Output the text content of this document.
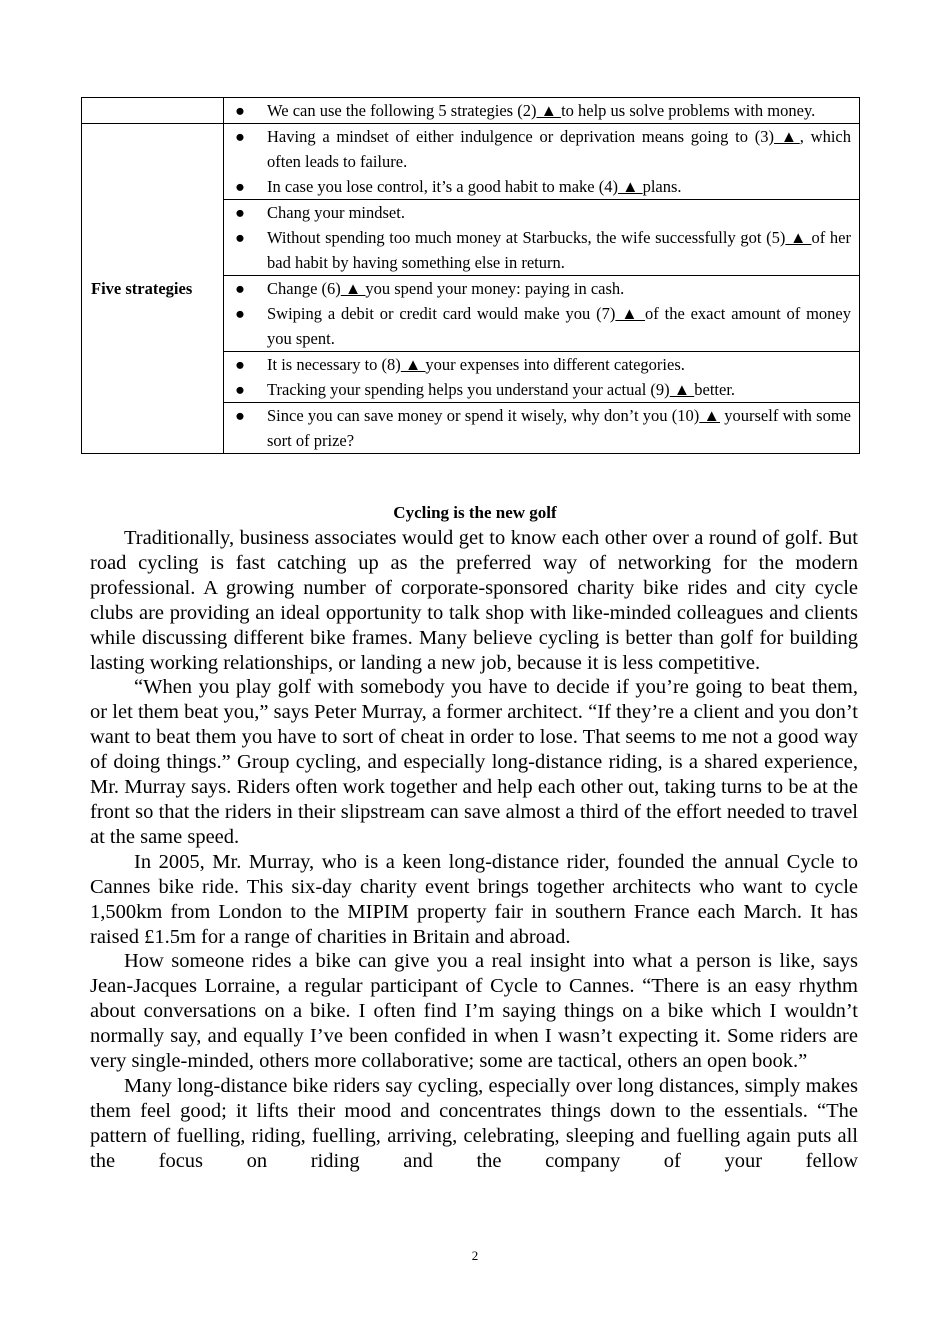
	● We can use the following 5 strategies (2) ▲ to help us solve problems with money.

Five strategies	● Having a mindset of either indulgence or deprivation means going to (3) ▲, which often leads to failure.
● In case you lose control, it’s a good habit to make (4) ▲ plans.

	● Chang your mindset.
● Without spending too much money at Starbucks, the wife successfully got (5) ▲ of her bad habit by having something else in return.

	● Change (6) ▲ you spend your money: paying in cash.
● Swiping a debit or credit card would make you (7) ▲ of the exact amount of money you spent.

	● It is necessary to (8) ▲ your expenses into different categories.
● Tracking your spending helps you understand your actual (9) ▲ better.

	● Since you can save money or spend it wisely, why don’t you (10) ▲ yourself with some sort of prize?
Cycling is the new golf

Traditionally, business associates would get to know each other over a round of golf. But road cycling is fast catching up as the preferred way of networking for the modern professional. A growing number of corporate-sponsored charity bike rides and city cycle clubs are providing an ideal opportunity to talk shop with like-minded colleagues and clients while discussing different bike frames. Many believe cycling is better than golf for building lasting working relationships, or landing a new job, because it is less competitive.

“When you play golf with somebody you have to decide if you’re going to beat them, or let them beat you,” says Peter Murray, a former architect. “If they’re a client and you don’t want to beat them you have to sort of cheat in order to lose. That seems to me not a good way of doing things.” Group cycling, and especially long-distance riding, is a shared experience, Mr. Murray says. Riders often work together and help each other out, taking turns to be at the front so that the riders in their slipstream can save almost a third of the effort needed to travel at the same speed.

In 2005, Mr. Murray, who is a keen long-distance rider, founded the annual Cycle to Cannes bike ride. This six-day charity event brings together architects who want to cycle 1,500km from London to the MIPIM property fair in southern France each March. It has raised £1.5m for a range of charities in Britain and abroad.

How someone rides a bike can give you a real insight into what a person is like, says Jean-Jacques Lorraine, a regular participant of Cycle to Cannes. “There is an easy rhythm about conversations on a bike. I often find I’m saying things on a bike which I wouldn’t normally say, and equally I’ve been confided in when I wasn’t expecting it. Some riders are very single-minded, others more collaborative; some are tactical, others an open book.”

Many long-distance bike riders say cycling, especially over long distances, simply makes them feel good; it lifts their mood and concentrates things down to the essentials. “The pattern of fuelling, riding, fuelling, arriving, celebrating, sleeping and fuelling again puts all the focus on riding and the company of your fellow

2
